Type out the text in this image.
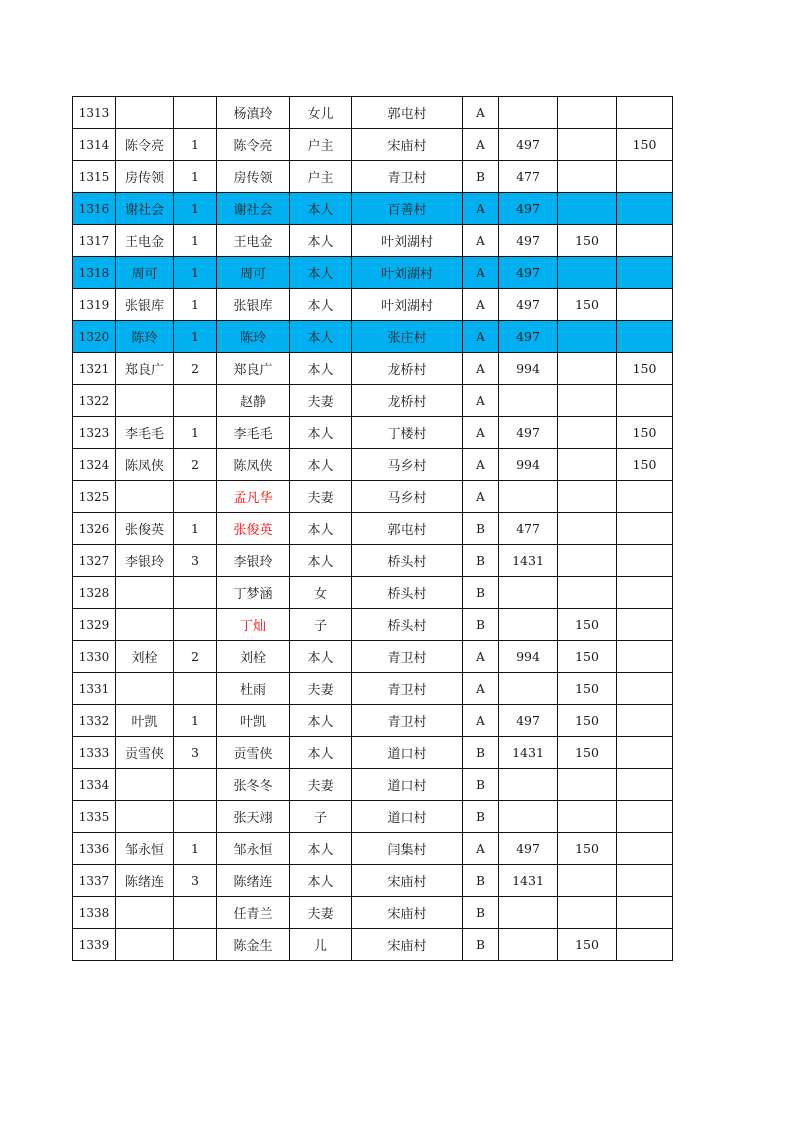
1313			杨滇玲	女儿	郭屯村	A			
1314	陈令亮	1	陈令亮	户主	宋庙村	A	497		150
1315	房传领	1	房传领	户主	青卫村	B	477		
1316	谢社会	1	谢社会	本人	百善村	A	497		
1317	王电金	1	王电金	本人	叶刘湖村	A	497	150	
1318	周可	1	周可	本人	叶刘湖村	A	497		
1319	张银库	1	张银库	本人	叶刘湖村	A	497	150	
1320	陈玲	1	陈玲	本人	张庄村	A	497		
1321	郑良广	2	郑良广	本人	龙桥村	A	994		150
1322			赵静	夫妻	龙桥村	A			
1323	李毛毛	1	李毛毛	本人	丁楼村	A	497		150
1324	陈凤侠	2	陈凤侠	本人	马乡村	A	994		150
1325			孟凡华	夫妻	马乡村	A			
1326	张俊英	1	张俊英	本人	郭屯村	B	477		
1327	李银玲	3	李银玲	本人	桥头村	B	1431		
1328			丁梦涵	女	桥头村	B			
1329			丁灿	子	桥头村	B		150	
1330	刘栓	2	刘栓	本人	青卫村	A	994	150	
1331			杜雨	夫妻	青卫村	A		150	
1332	叶凯	1	叶凯	本人	青卫村	A	497	150	
1333	贡雪侠	3	贡雪侠	本人	道口村	B	1431	150	
1334			张冬冬	夫妻	道口村	B			
1335			张天翊	子	道口村	B			
1336	邹永恒	1	邹永恒	本人	闫集村	A	497	150	
1337	陈绪连	3	陈绪连	本人	宋庙村	B	1431		
1338			任青兰	夫妻	宋庙村	B			
1339			陈金生	儿	宋庙村	B		150	
